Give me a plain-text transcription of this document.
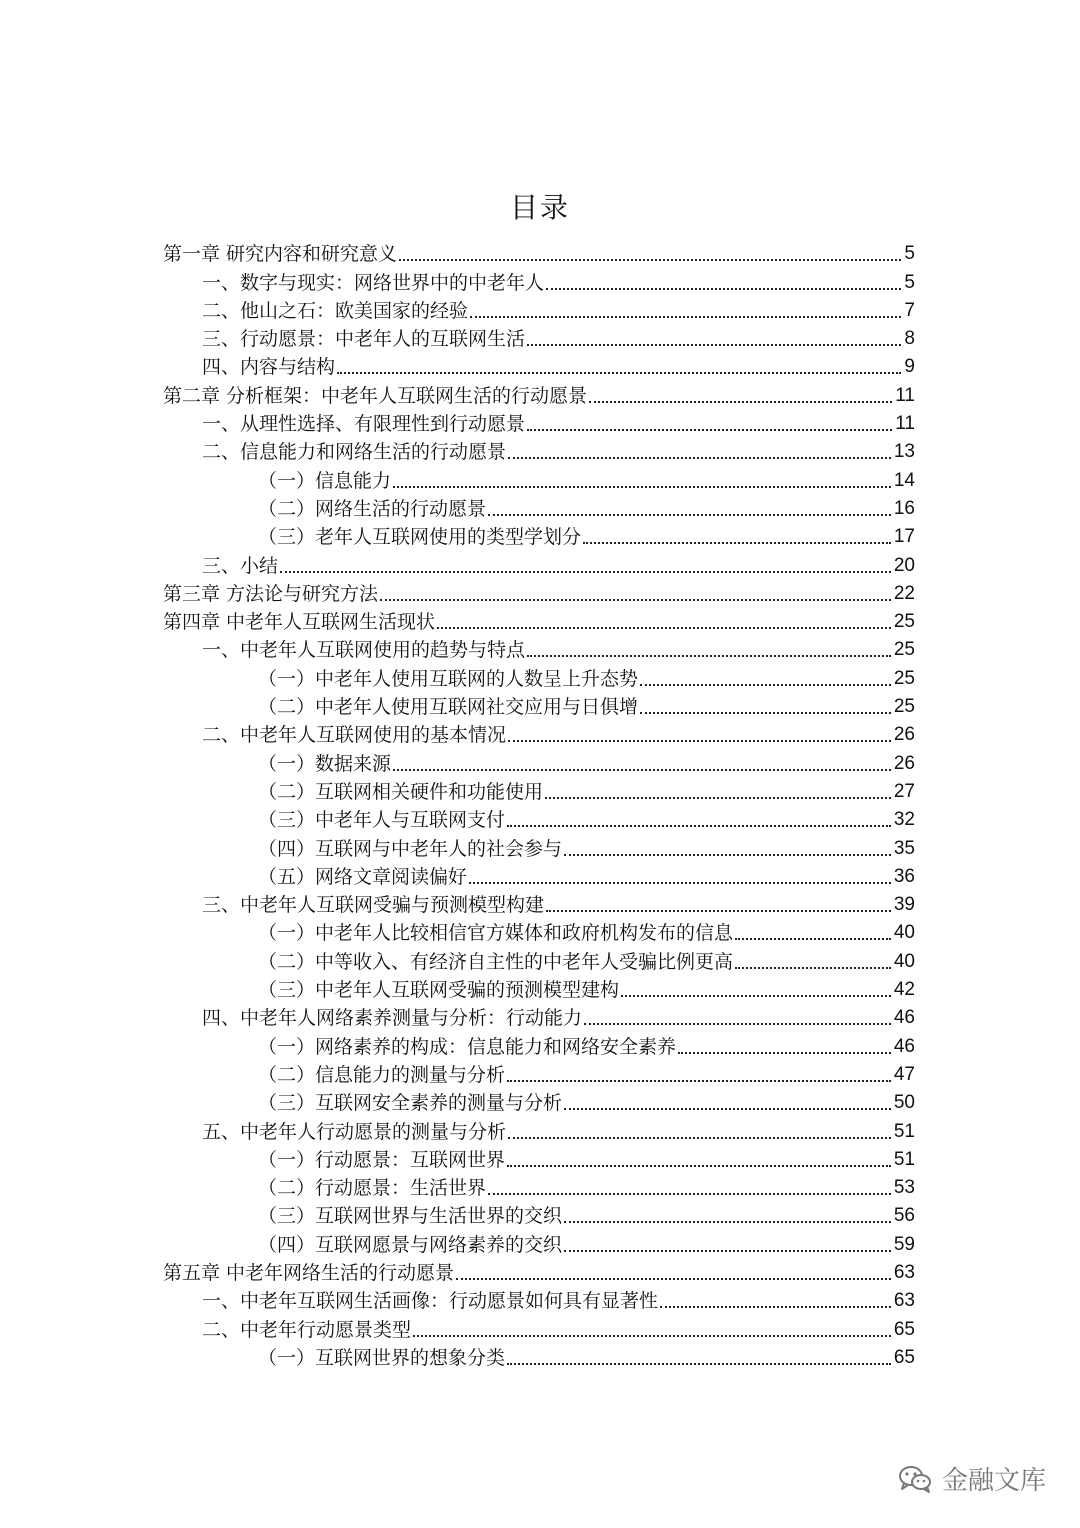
目录
第一章 研究内容和研究意义	5
一、数字与现实：网络世界中的中老年人	5
二、他山之石：欧美国家的经验	7
三、行动愿景：中老年人的互联网生活	8
四、内容与结构	9
第二章 分析框架：中老年人互联网生活的行动愿景	11
一、从理性选择、有限理性到行动愿景	11
二、信息能力和网络生活的行动愿景	13
（一）信息能力	14
（二）网络生活的行动愿景	16
（三）老年人互联网使用的类型学划分	17
三、小结	20
第三章 方法论与研究方法	22
第四章 中老年人互联网生活现状	25
一、中老年人互联网使用的趋势与特点	25
（一）中老年人使用互联网的人数呈上升态势	25
（二）中老年人使用互联网社交应用与日俱增	25
二、中老年人互联网使用的基本情况	26
（一）数据来源	26
（二）互联网相关硬件和功能使用	27
（三）中老年人与互联网支付	32
（四）互联网与中老年人的社会参与	35
（五）网络文章阅读偏好	36
三、中老年人互联网受骗与预测模型构建	39
（一）中老年人比较相信官方媒体和政府机构发布的信息	40
（二）中等收入、有经济自主性的中老年人受骗比例更高	40
（三）中老年人互联网受骗的预测模型建构	42
四、中老年人网络素养测量与分析：行动能力	46
（一）网络素养的构成：信息能力和网络安全素养	46
（二）信息能力的测量与分析	47
（三）互联网安全素养的测量与分析	50
五、中老年人行动愿景的测量与分析	51
（一）行动愿景：互联网世界	51
（二）行动愿景：生活世界	53
（三）互联网世界与生活世界的交织	56
（四）互联网愿景与网络素养的交织	59
第五章 中老年网络生活的行动愿景	63
一、中老年互联网生活画像：行动愿景如何具有显著性	63
二、中老年行动愿景类型	65
（一）互联网世界的想象分类	65
金融文库
